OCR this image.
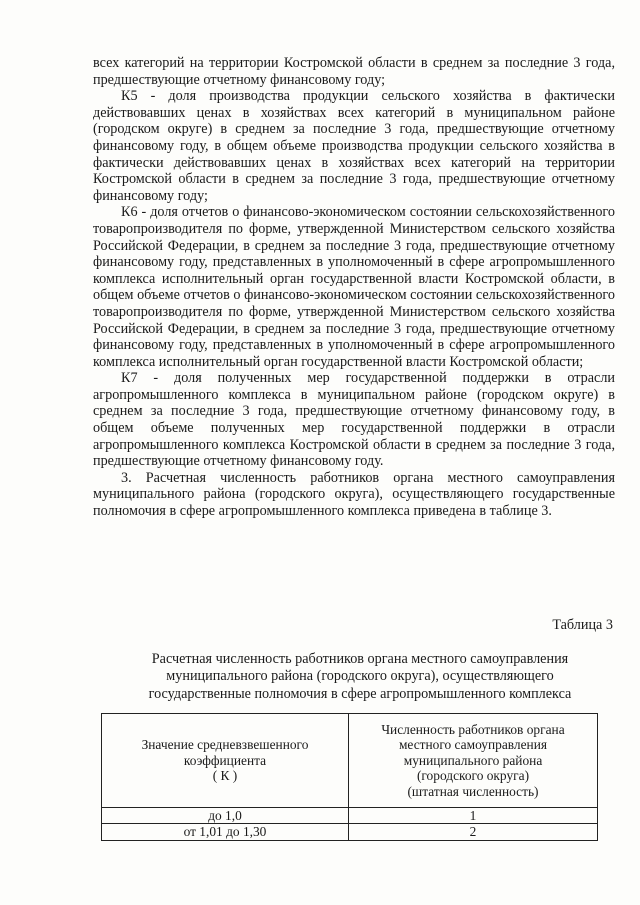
всех категорий на территории Костромской области в среднем за последние 3 года, предшествующие отчетному финансовому году;

К5 - доля производства продукции сельского хозяйства в фактически действовавших ценах в хозяйствах всех категорий в муниципальном районе (городском округе) в среднем за последние 3 года, предшествующие отчетному финансовому году, в общем объеме производства продукции сельского хозяйства в фактически действовавших ценах в хозяйствах всех категорий на территории Костромской области в среднем за последние 3 года, предшествующие отчетному финансовому году;

К6 - доля отчетов о финансово-экономическом состоянии сельскохозяйственного товаропроизводителя по форме, утвержденной Министерством сельского хозяйства Российской Федерации, в среднем за последние 3 года, предшествующие отчетному финансовому году, представленных в уполномоченный в сфере агропромышленного комплекса исполнительный орган государственной власти Костромской области, в общем объеме отчетов о финансово-экономическом состоянии сельскохозяйственного товаропроизводителя по форме, утвержденной Министерством сельского хозяйства Российской Федерации, в среднем за последние 3 года, предшествующие отчетному финансовому году, представленных в уполномоченный в сфере агропромышленного комплекса исполнительный орган государственной власти Костромской области;

К7 - доля полученных мер государственной поддержки в отрасли агропромышленного комплекса в муниципальном районе (городском округе) в среднем за последние 3 года, предшествующие отчетному финансовому году, в общем объеме полученных мер государственной поддержки в отрасли агропромышленного комплекса Костромской области в среднем за последние 3 года, предшествующие отчетному финансовому году.

3. Расчетная численность работников органа местного самоуправления муниципального района (городского округа), осуществляющего государственные полномочия в сфере агропромышленного комплекса приведена в таблице 3.

Таблица 3
Расчетная численность работников органа местного самоуправления муниципального района (городского округа), осуществляющего государственные полномочия в сфере агропромышленного комплекса
Значение средневзвешенного
коэффициента
( К )	Численность работников органа
местного самоуправления
муниципального района
(городского округа)
(штатная численность)

до 1,0	1
от 1,01 до 1,30	2
